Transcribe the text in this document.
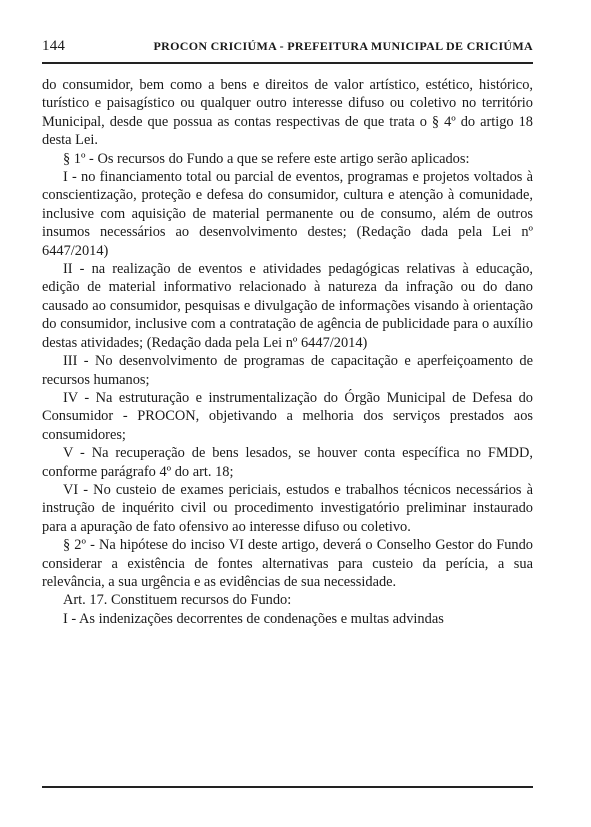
144	PROCON CRICIÚMA - PREFEITURA MUNICIPAL DE CRICIÚMA

do consumidor, bem como a bens e direitos de valor artístico, estético, histórico, turístico e paisagístico ou qualquer outro interesse difuso ou coletivo no território Municipal, desde que possua as contas respectivas de que trata o § 4º do artigo 18 desta Lei.

§ 1º - Os recursos do Fundo a que se refere este artigo serão aplicados:

I - no financiamento total ou parcial de eventos, programas e projetos voltados à conscientização, proteção e defesa do consumidor, cultura e atenção à comunidade, inclusive com aquisição de material permanente ou de consumo, além de outros insumos necessários ao desenvolvimento destes; (Redação dada pela Lei nº 6447/2014)

II - na realização de eventos e atividades pedagógicas relativas à educação, edição de material informativo relacionado à natureza da infração ou do dano causado ao consumidor, pesquisas e divulgação de informações visando à orientação do consumidor, inclusive com a contratação de agência de publicidade para o auxílio destas atividades; (Redação dada pela Lei nº 6447/2014)

III - No desenvolvimento de programas de capacitação e aperfeiçoamento de recursos humanos;

IV - Na estruturação e instrumentalização do Órgão Municipal de Defesa do Consumidor - PROCON, objetivando a melhoria dos serviços prestados aos consumidores;

V - Na recuperação de bens lesados, se houver conta específica no FMDD, conforme parágrafo 4º do art. 18;

VI - No custeio de exames periciais, estudos e trabalhos técnicos necessários à instrução de inquérito civil ou procedimento investigatório preliminar instaurado para a apuração de fato ofensivo ao interesse difuso ou coletivo.

§ 2º - Na hipótese do inciso VI deste artigo, deverá o Conselho Gestor do Fundo considerar a existência de fontes alternativas para custeio da perícia, a sua relevância, a sua urgência e as evidências de sua necessidade.

Art. 17. Constituem recursos do Fundo:

I - As indenizações decorrentes de condenações e multas advindas
